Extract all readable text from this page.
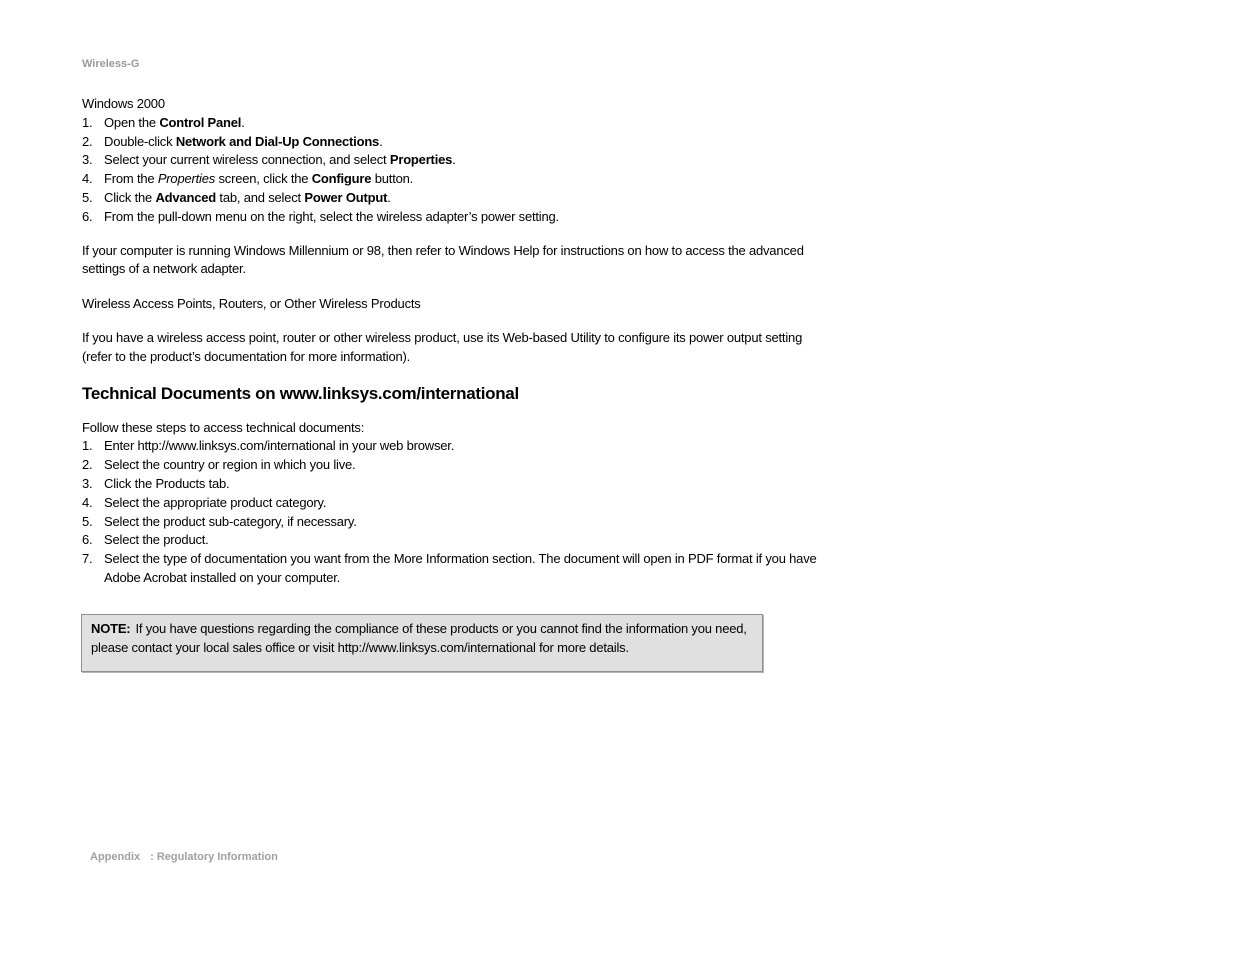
Wireless-G
Windows 2000
1. Open the Control Panel.
2. Double-click Network and Dial-Up Connections.
3. Select your current wireless connection, and select Properties.
4. From the Properties screen, click the Configure button.
5. Click the Advanced tab, and select Power Output.
6. From the pull-down menu on the right, select the wireless adapter’s power setting.

If your computer is running Windows Millennium or 98, then refer to Windows Help for instructions on how to access the advanced settings of a network adapter.

Wireless Access Points, Routers, or Other Wireless Products

If you have a wireless access point, router or other wireless product, use its Web-based Utility to configure its power output setting (refer to the product’s documentation for more information).

Technical Documents on www.linksys.com/international

Follow these steps to access technical documents:

1. Enter http://www.linksys.com/international in your web browser.
2. Select the country or region in which you live.
3. Click the Products tab.
4. Select the appropriate product category.
5. Select the product sub-category, if necessary.
6. Select the product.
7. Select the type of documentation you want from the More Information section. The document will open in PDF format if you have Adobe Acrobat installed on your computer.
NOTE: If you have questions regarding the compliance of these products or you cannot find the information you need, please contact your local sales office or visit http://www.linksys.com/international for more details.
Appendix : Regulatory Information
